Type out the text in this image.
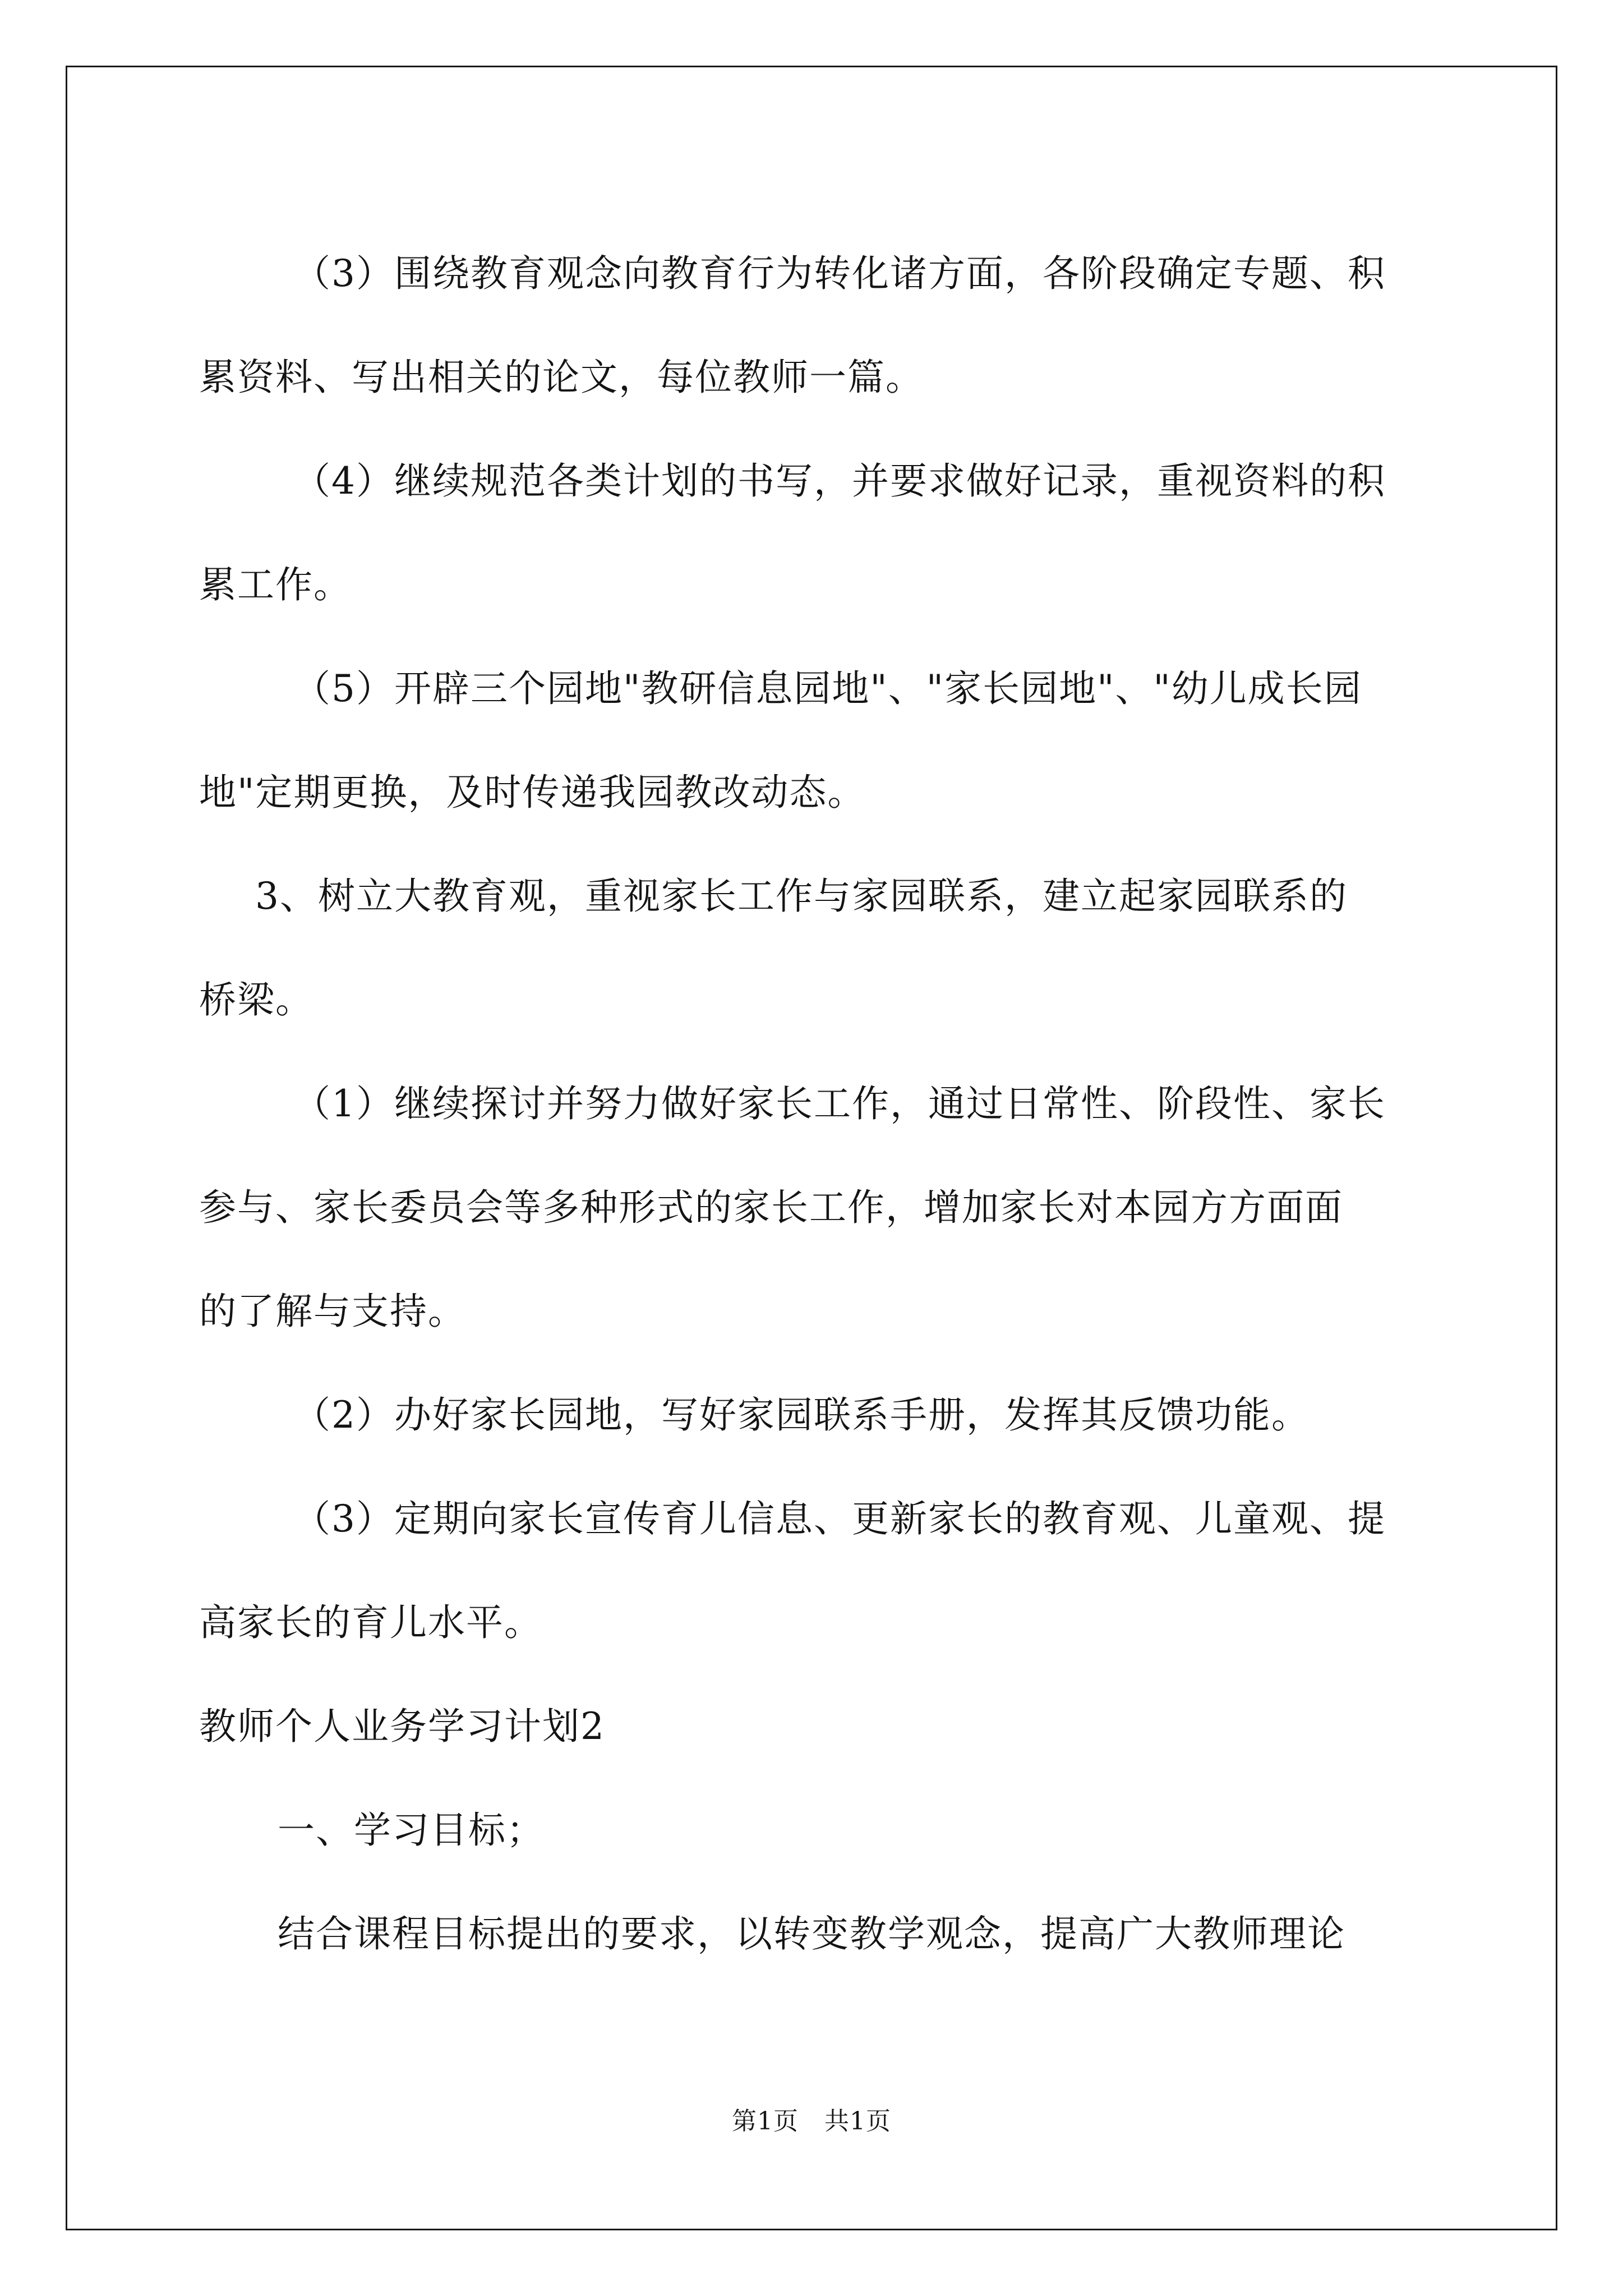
（3）围绕教育观念向教育行为转化诸方面，各阶段确定专题、积
累资料、写出相关的论文，每位教师一篇。
（4）继续规范各类计划的书写，并要求做好记录，重视资料的积
累工作。
（5）开辟三个园地"教研信息园地"、"家长园地"、"幼儿成长园
地"定期更换，及时传递我园教改动态。
3、树立大教育观，重视家长工作与家园联系，建立起家园联系的
桥梁。
（1）继续探讨并努力做好家长工作，通过日常性、阶段性、家长
参与、家长委员会等多种形式的家长工作，增加家长对本园方方面面
的了解与支持。
（2）办好家长园地，写好家园联系手册，发挥其反馈功能。
（3）定期向家长宣传育儿信息、更新家长的教育观、儿童观、提
高家长的育儿水平。
教师个人业务学习计划2
一、学习目标；
结合课程目标提出的要求，以转变教学观念，提高广大教师理论
第1页 共1页
